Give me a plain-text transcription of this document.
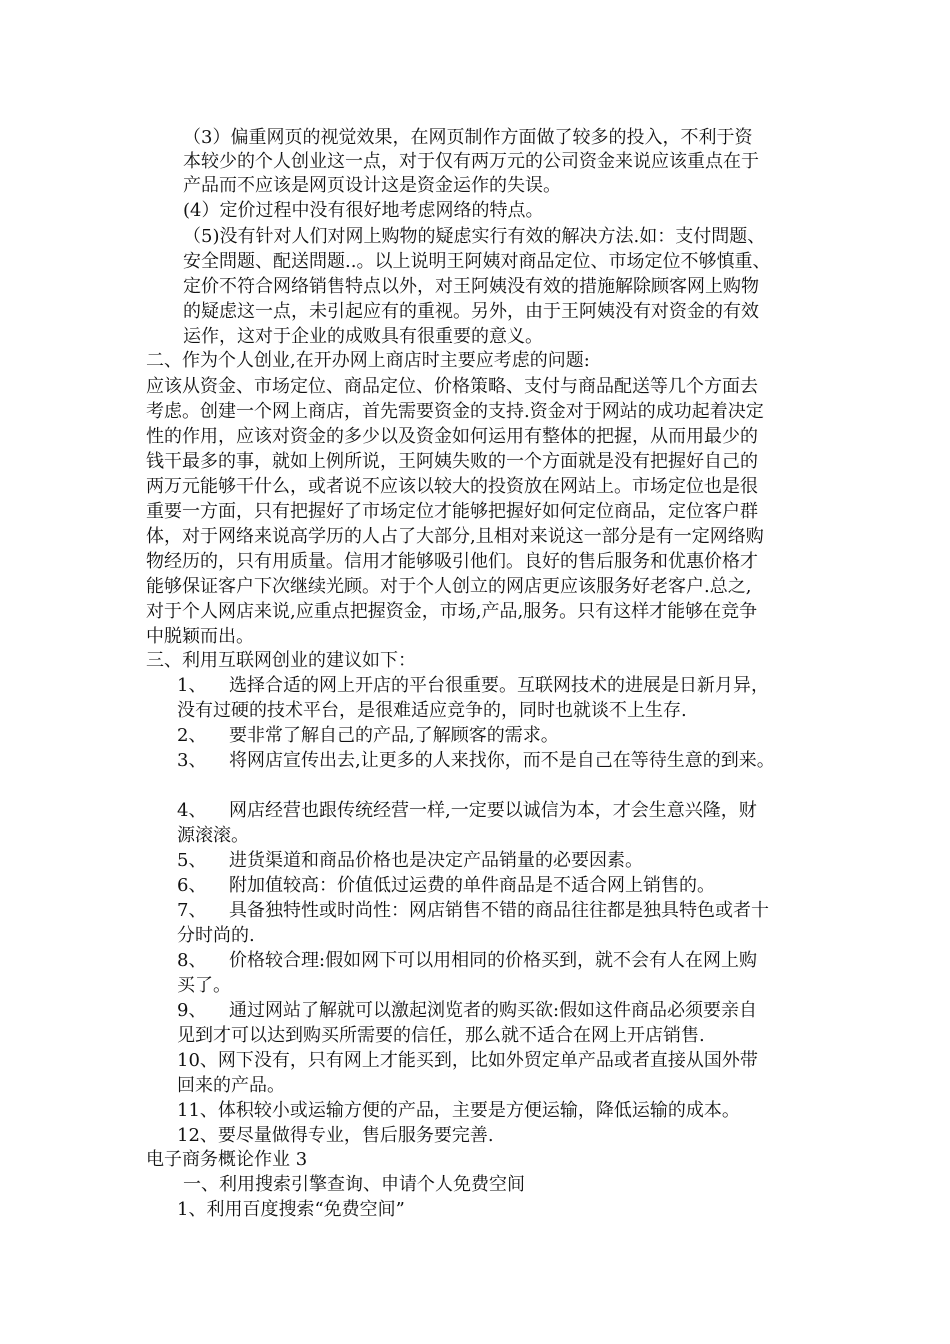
（3）偏重网页的视觉效果，在网页制作方面做了较多的投入，不利于资
本较少的个人创业这一点，对于仅有两万元的公司资金来说应该重点在于
产品而不应该是网页设计这是资金运作的失误。
(4）定价过程中没有很好地考虑网络的特点。
（5)没有针对人们对网上购物的疑虑实行有效的解决方法.如：支付問题、
安全問题、配送問题..。以上说明王阿姨对商品定位、市场定位不够慎重、
定价不符合网络销售特点以外，对王阿姨没有效的措施解除顾客网上购物
的疑虑这一点，未引起应有的重视。另外，由于王阿姨没有对资金的有效
运作，这对于企业的成败具有很重要的意义。
二、作为个人创业,在开办网上商店时主要应考虑的问题:
应该从资金、市场定位、商品定位、价格策略、支付与商品配送等几个方面去
考虑。创建一个网上商店，首先需要资金的支持.资金对于网站的成功起着决定
性的作用，应该对资金的多少以及资金如何运用有整体的把握，从而用最少的
钱干最多的事，就如上例所说，王阿姨失败的一个方面就是没有把握好自己的
两万元能够干什么，或者说不应该以较大的投资放在网站上。市场定位也是很
重要一方面，只有把握好了市场定位才能够把握好如何定位商品，定位客户群
体，对于网络来说高学历的人占了大部分,且相对来说这一部分是有一定网络购
物经历的，只有用质量。信用才能够吸引他们。良好的售后服务和优惠价格才
能够保证客户下次继续光顾。对于个人创立的网店更应该服务好老客户.总之,
对于个人网店来说,应重点把握资金，市场,产品,服务。只有这样才能够在竞争
中脱颖而出。
三、利用互联网创业的建议如下：
1、 选择合适的网上开店的平台很重要。互联网技术的进展是日新月异，
没有过硬的技术平台，是很难适应竞争的，同时也就谈不上生存.
2、 要非常了解自己的产品,了解顾客的需求。
3、 将网店宣传出去,让更多的人来找你，而不是自己在等待生意的到来。
4、 网店经营也跟传统经营一样,一定要以诚信为本，才会生意兴隆，财
源滚滚。
5、 进货渠道和商品价格也是决定产品销量的必要因素。
6、 附加值较高：价值低过运费的单件商品是不适合网上销售的。
7、 具备独特性或时尚性：网店销售不错的商品往往都是独具特色或者十
分时尚的.
8、 价格较合理:假如网下可以用相同的价格买到，就不会有人在网上购
买了。
9、 通过网站了解就可以激起浏览者的购买欲:假如这件商品必须要亲自
见到才可以达到购买所需要的信任，那么就不适合在网上开店销售.
10、网下没有，只有网上才能买到，比如外贸定单产品或者直接从国外带
回来的产品。
11、体积较小或运输方便的产品，主要是方便运输，降低运输的成本。
12、要尽量做得专业，售后服务要完善.
电子商务概论作业 3
一、利用搜索引擎查询、申请个人免费空间
1、利用百度搜索“免费空间”
